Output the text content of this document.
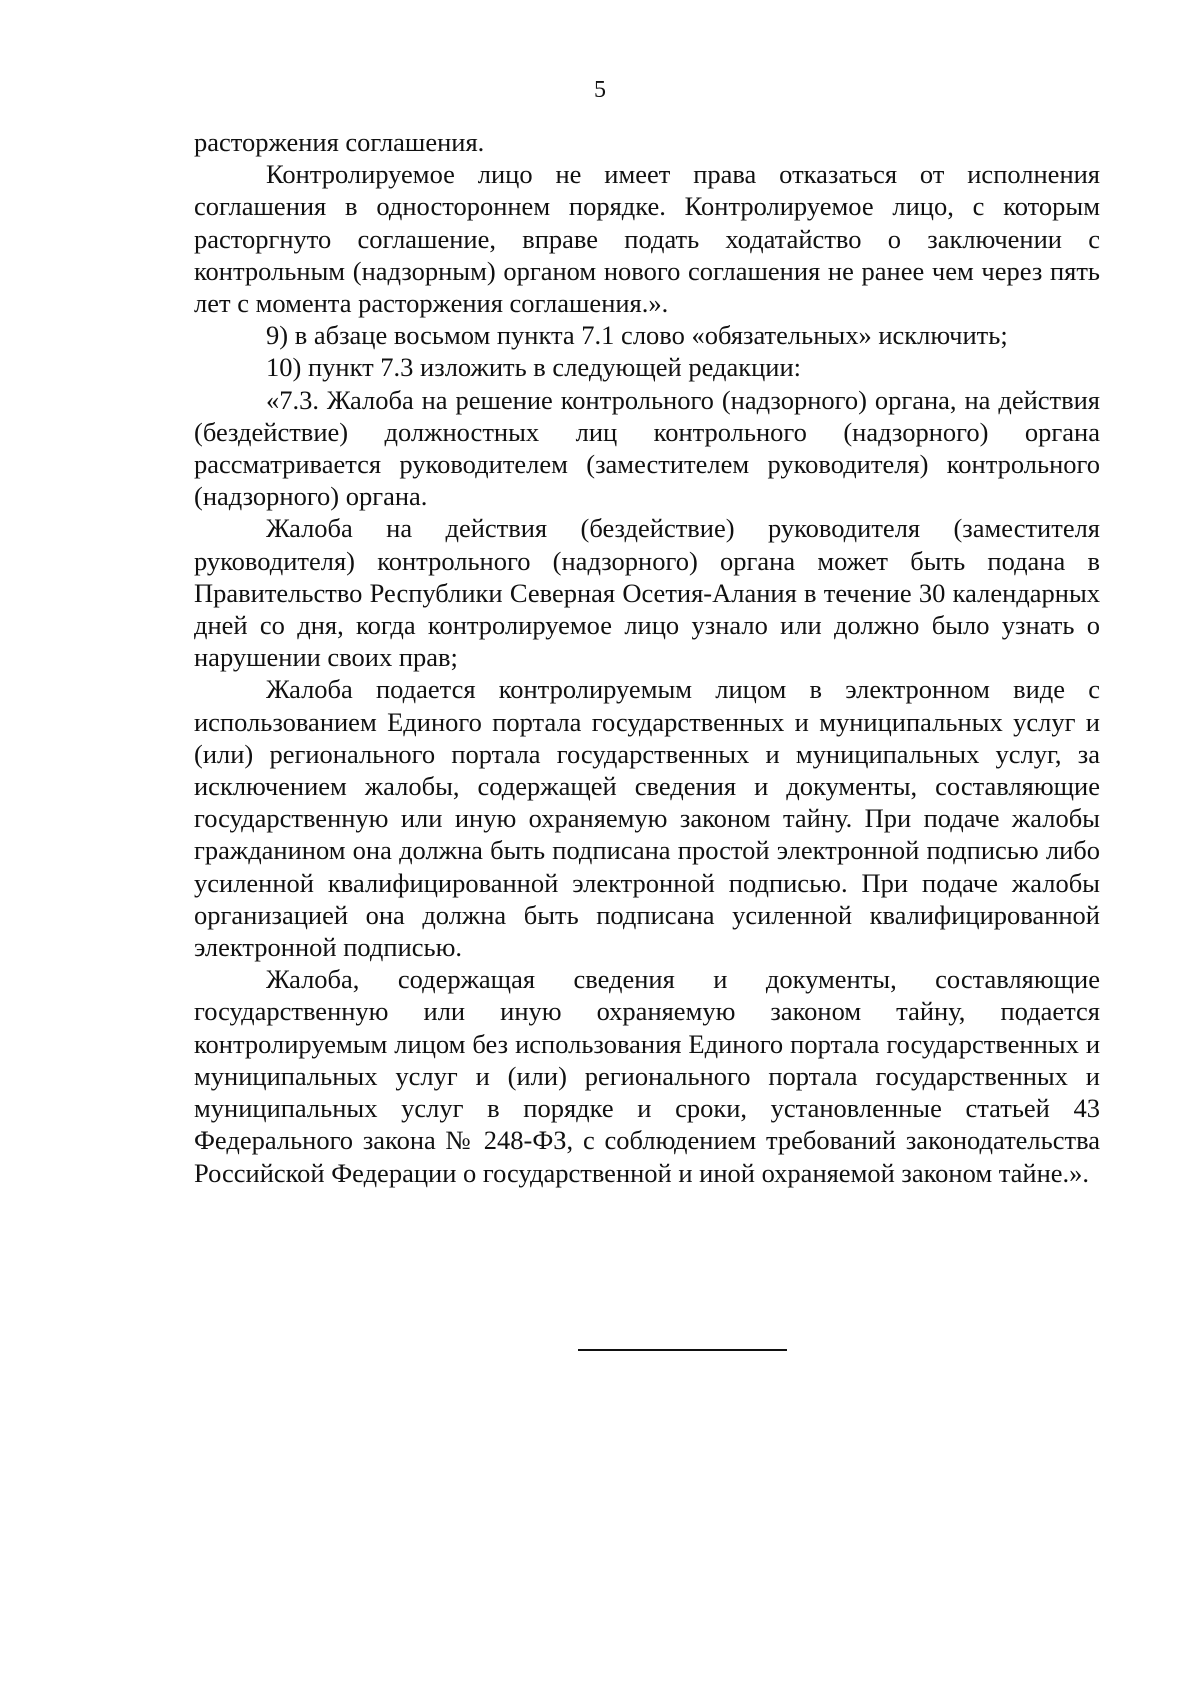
5

расторжения соглашения.

Контролируемое лицо не имеет права отказаться от исполнения соглашения в одностороннем порядке. Контролируемое лицо, с которым расторгнуто соглашение, вправе подать ходатайство о заключении с контрольным (надзорным) органом нового соглашения не ранее чем через пять лет с момента расторжения соглашения.».

9) в абзаце восьмом пункта 7.1 слово «обязательных» исключить;

10) пункт 7.3 изложить в следующей редакции:

«7.3. Жалоба на решение контрольного (надзорного) органа, на действия (бездействие) должностных лиц контрольного (надзорного) органа рассматривается руководителем (заместителем руководителя) контрольного (надзорного) органа.

Жалоба на действия (бездействие) руководителя (заместителя руководителя) контрольного (надзорного) органа может быть подана в Правительство Республики Северная Осетия-Алания в течение 30 календарных дней со дня, когда контролируемое лицо узнало или должно было узнать о нарушении своих прав;

Жалоба подается контролируемым лицом в электронном виде с использованием Единого портала государственных и муниципальных услуг и (или) регионального портала государственных и муниципальных услуг, за исключением жалобы, содержащей сведения и документы, составляющие государственную или иную охраняемую законом тайну. При подаче жалобы гражданином она должна быть подписана простой электронной подписью либо усиленной квалифицированной электронной подписью. При подаче жалобы организацией она должна быть подписана усиленной квалифицированной электронной подписью.

Жалоба, содержащая сведения и документы, составляющие государственную или иную охраняемую законом тайну, подается контролируемым лицом без использования Единого портала государственных и муниципальных услуг и (или) регионального портала государственных и муниципальных услуг в порядке и сроки, установленные статьей 43 Федерального закона № 248-ФЗ, с соблюдением требований законодательства Российской Федерации о государственной и иной охраняемой законом тайне.».
